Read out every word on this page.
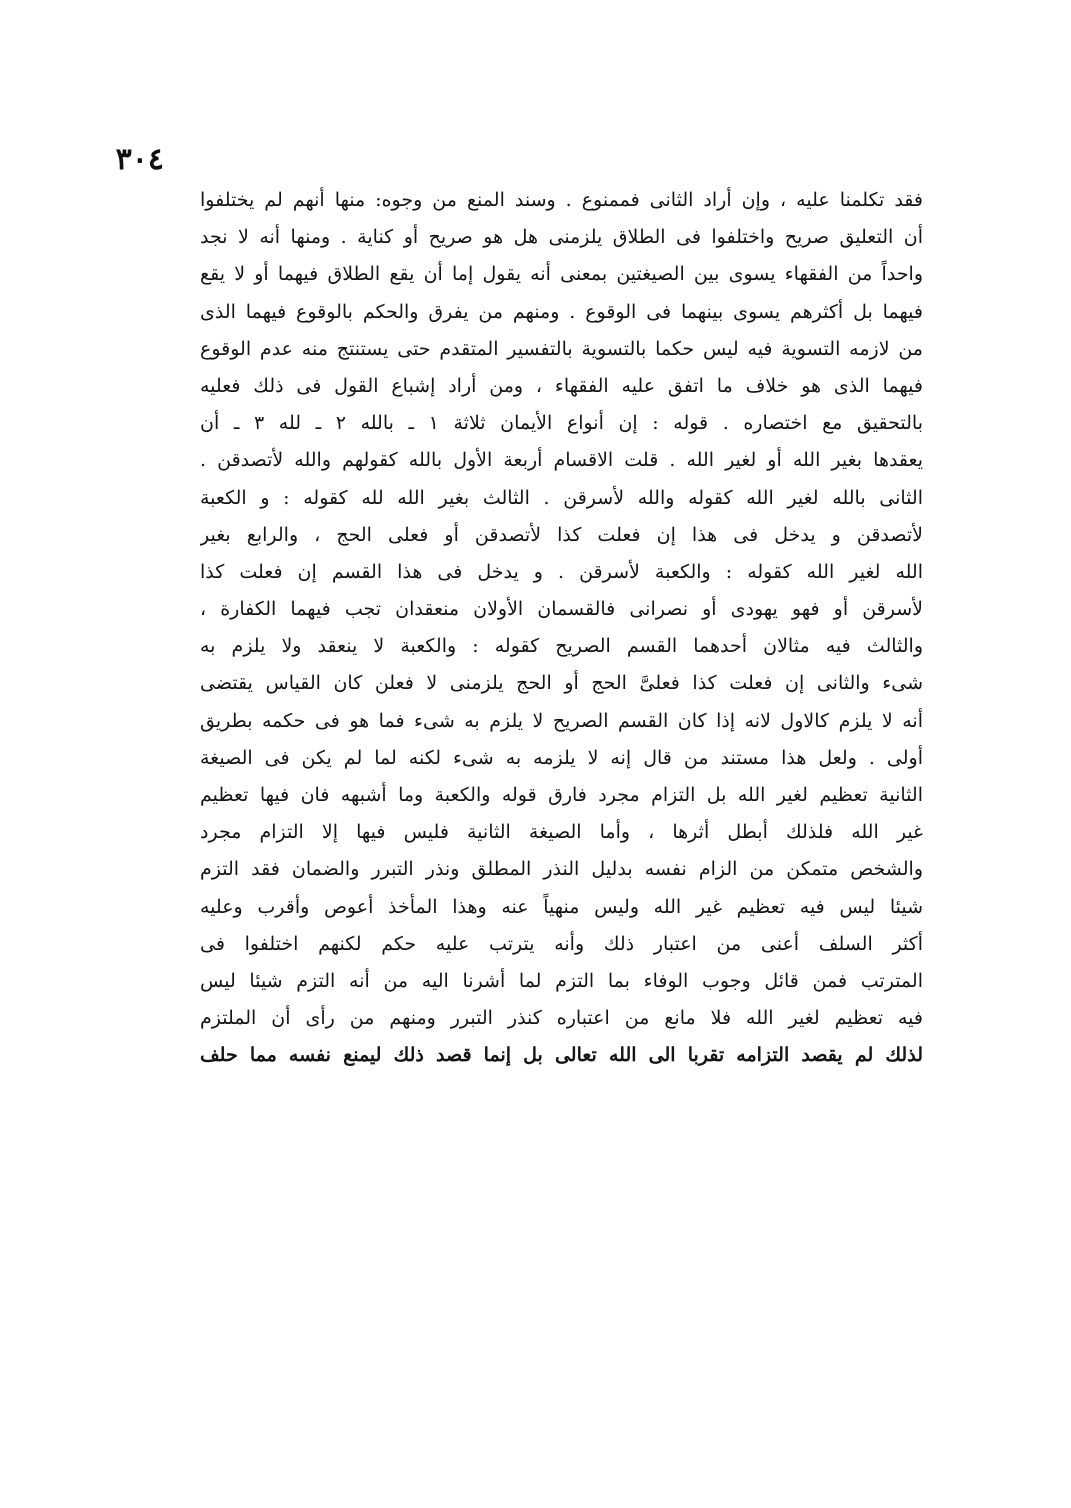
٣٠٤
فقد تكلمنا عليه ، وإن أراد الثانى فممنوع . وسند المنع من وجوه: منها أنهم لم يختلفوا
أن التعليق صريح واختلفوا فى الطلاق يلزمنى هل هو صريح أو كناية . ومنها أنه لا نجد
واحداً من الفقهاء يسوى بين الصيغتين بمعنى أنه يقول إما أن يقع الطلاق فيهما أو لا يقع
فيهما بل أكثرهم يسوى بينهما فى الوقوع . ومنهم من يفرق والحكم بالوقوع فيهما الذى
من لازمه التسوية فيه ليس حكما بالتسوية بالتفسير المتقدم حتى يستنتج منه عدم الوقوع
فيهما الذى هو خلاف ما اتفق عليه الفقهاء ، ومن أراد إشباع القول فى ذلك فعليه
بالتحقيق مع اختصاره . قوله : إن أنواع الأيمان ثلاثة ١ ـ بالله ٢ ـ لله ٣ ـ أن
يعقدها بغير الله أو لغير الله . قلت الاقسام أربعة الأول بالله كقولهم والله لأتصدقن .
الثانى بالله لغير الله كقوله والله لأسرقن . الثالث بغير الله لله كقوله : و الكعبة
لأتصدقن و يدخل فى هذا إن فعلت كذا لأتصدقن أو فعلى الحج ، والرابع بغير
الله لغير الله كقوله : والكعبة لأسرقن . و يدخل فى هذا القسم إن فعلت كذا
لأسرقن أو فهو يهودى أو نصرانى فالقسمان الأولان منعقدان تجب فيهما الكفارة ،
والثالث فيه مثالان أحدهما القسم الصريح كقوله : والكعبة لا ينعقد ولا يلزم به
شىء والثانى إن فعلت كذا فعلىَّ الحج أو الحج يلزمنى لا فعلن كان القياس يقتضى
أنه لا يلزم كالاول لانه إذا كان القسم الصريح لا يلزم به شىء فما هو فى حكمه بطريق
أولى . ولعل هذا مستند من قال إنه لا يلزمه به شىء لكنه لما لم يكن فى الصيغة
الثانية تعظيم لغير الله بل التزام مجرد فارق قوله والكعبة وما أشبهه فان فيها تعظيم
غير الله فلذلك أبطل أثرها ، وأما الصيغة الثانية فليس فيها إلا التزام مجرد
والشخص متمكن من الزام نفسه بدليل النذر المطلق ونذر التبرر والضمان فقد التزم
شيئا ليس فيه تعظيم غير الله وليس منهياً عنه وهذا المأخذ أعوص وأقرب وعليه
أكثر السلف أعنى من اعتبار ذلك وأنه يترتب عليه حكم لكنهم اختلفوا فى
المترتب فمن قائل وجوب الوفاء بما التزم لما أشرنا اليه من أنه التزم شيئا ليس
فيه تعظيم لغير الله فلا مانع من اعتباره كنذر التبرر ومنهم من رأى أن الملتزم
لذلك لم يقصد التزامه تقربا الى الله تعالى بل إنما قصد ذلك ليمنع نفسه مما حلف
